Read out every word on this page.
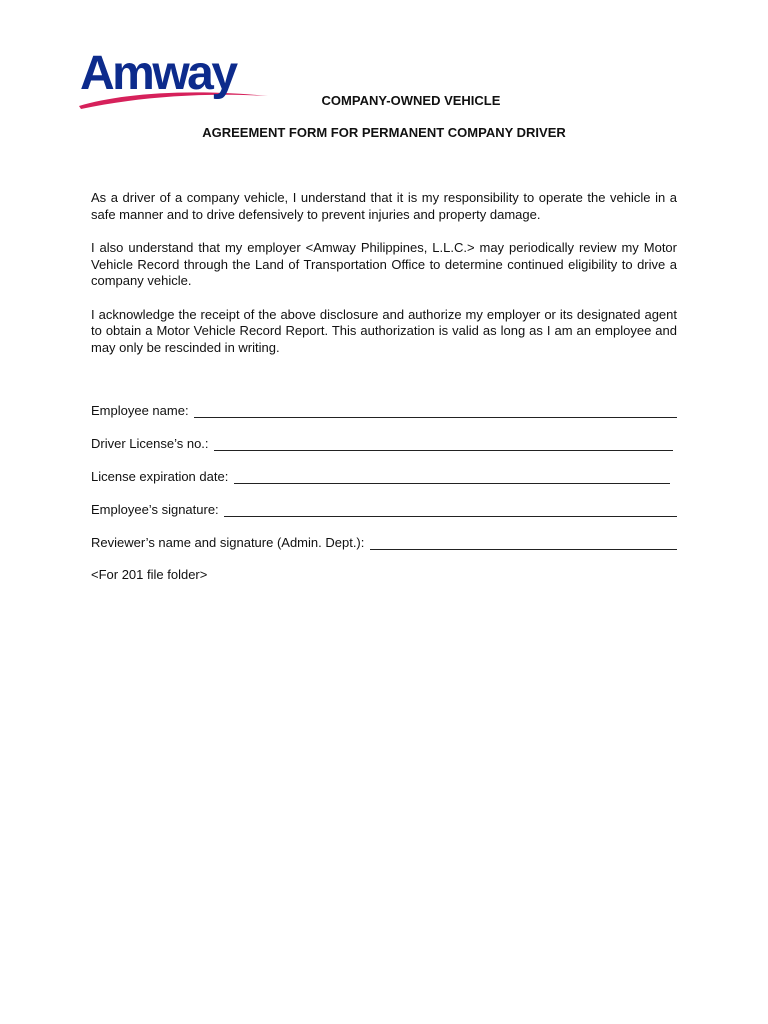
Amway
COMPANY-OWNED VEHICLE
AGREEMENT FORM FOR PERMANENT COMPANY DRIVER

As a driver of a company vehicle, I understand that it is my responsibility to operate the vehicle in a safe manner and to drive defensively to prevent injuries and property damage.

I also understand that my employer <Amway Philippines, L.L.C.> may periodically review my Motor Vehicle Record through the Land of Transportation Office to determine continued eligibility to drive a company vehicle.

I acknowledge the receipt of the above disclosure and authorize my employer or its designated agent to obtain a Motor Vehicle Record Report. This authorization is valid as long as I am an employee and may only be rescinded in writing.

Employee name:
Driver License’s no.:
License expiration date:
Employee’s signature:
Reviewer’s name and signature (Admin. Dept.):
<For 201 file folder>
